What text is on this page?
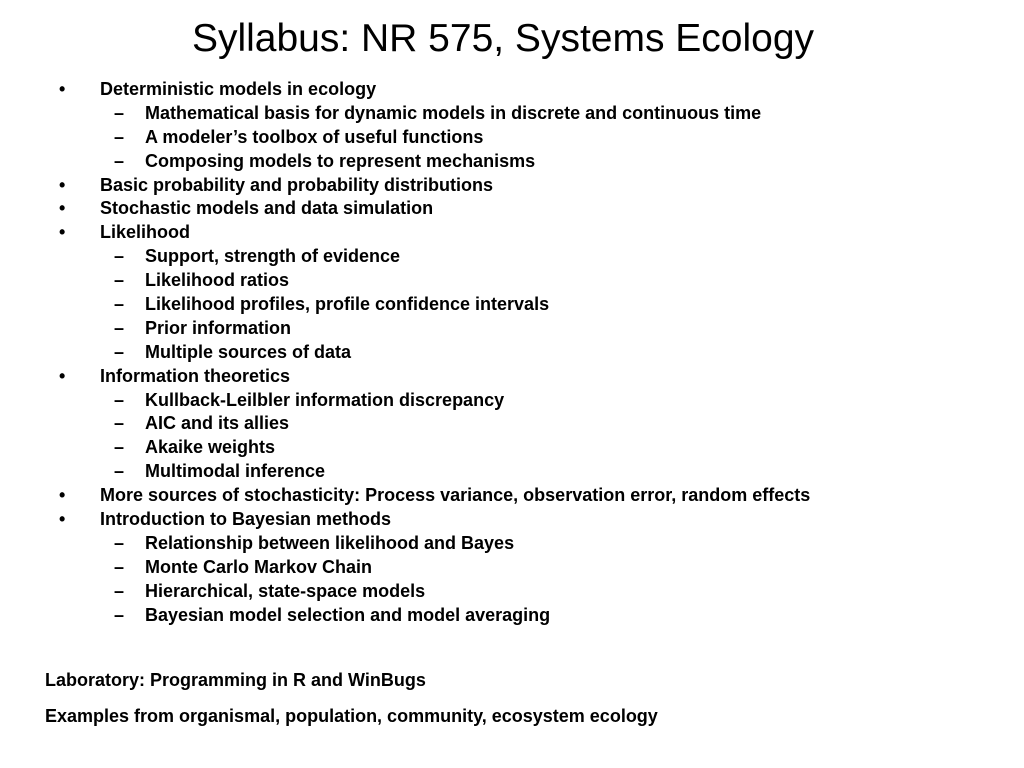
Syllabus: NR 575, Systems Ecology
• Deterministic models in ecology
– Mathematical basis for dynamic models in discrete and continuous time
– A modeler’s toolbox of useful functions
– Composing models to represent mechanisms
• Basic probability and probability distributions
• Stochastic models and data simulation
• Likelihood
– Support, strength of evidence
– Likelihood ratios
– Likelihood profiles, profile confidence intervals
– Prior information
– Multiple sources of data
• Information theoretics
– Kullback-Leilbler information discrepancy
– AIC and its allies
– Akaike weights
– Multimodal inference
• More sources of stochasticity: Process variance, observation error, random effects
• Introduction to Bayesian methods
– Relationship between likelihood and Bayes
– Monte Carlo Markov Chain
– Hierarchical, state-space models
– Bayesian model selection and model averaging

Laboratory: Programming in R and WinBugs

Examples from organismal, population, community, ecosystem ecology
